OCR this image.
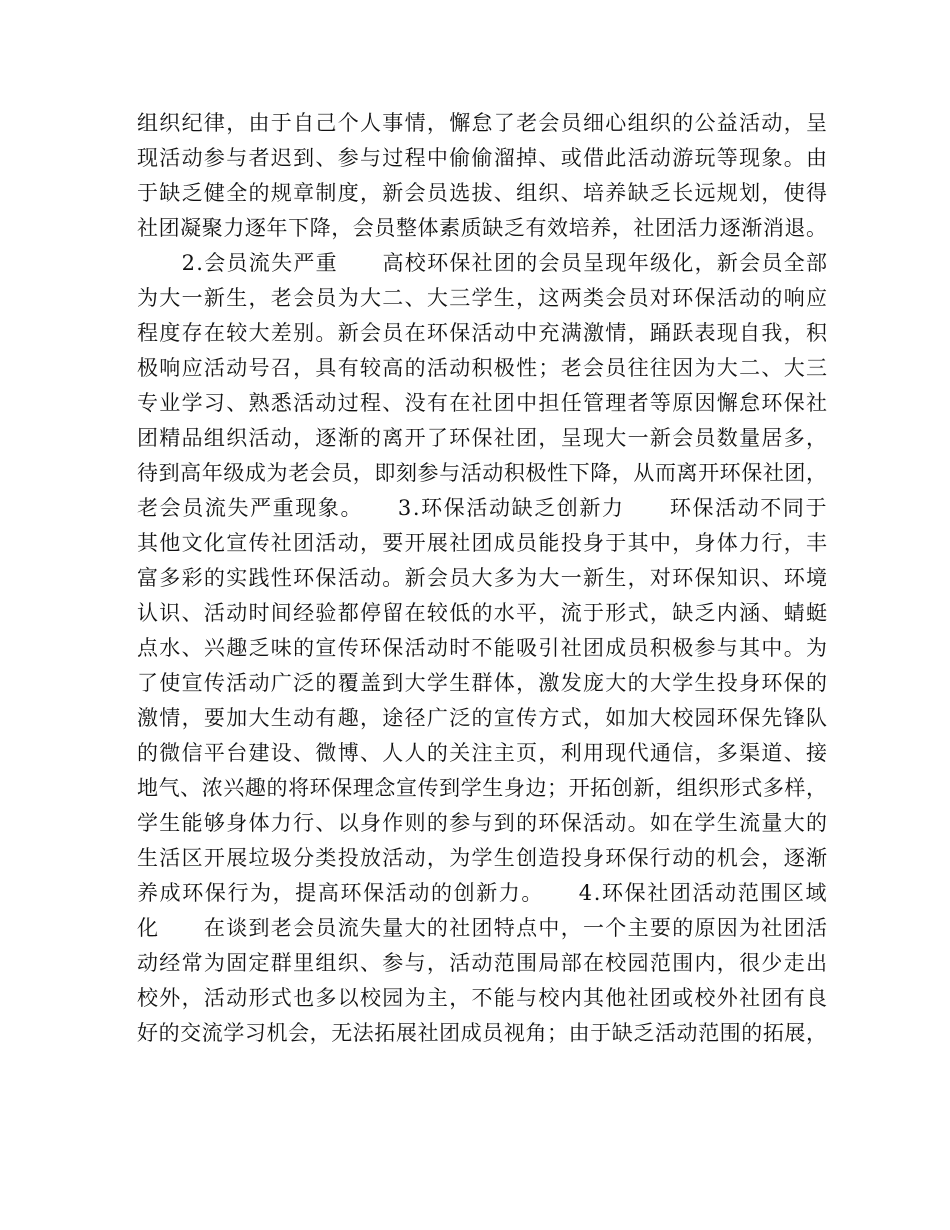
组织纪律，由于自己个人事情，懈怠了老会员细心组织的公益活动，呈
现活动参与者迟到、参与过程中偷偷溜掉、或借此活动游玩等现象。由
于缺乏健全的规章制度，新会员选拔、组织、培养缺乏长远规划，使得
社团凝聚力逐年下降，会员整体素质缺乏有效培养，社团活力逐渐消退。
　　2.会员流失严重　　高校环保社团的会员呈现年级化，新会员全部
为大一新生，老会员为大二、大三学生，这两类会员对环保活动的响应
程度存在较大差别。新会员在环保活动中充满激情，踊跃表现自我，积
极响应活动号召，具有较高的活动积极性；老会员往往因为大二、大三
专业学习、熟悉活动过程、没有在社团中担任管理者等原因懈怠环保社
团精品组织活动，逐渐的离开了环保社团，呈现大一新会员数量居多，
待到高年级成为老会员，即刻参与活动积极性下降，从而离开环保社团，
老会员流失严重现象。　　3.环保活动缺乏创新力　　环保活动不同于
其他文化宣传社团活动，要开展社团成员能投身于其中，身体力行，丰
富多彩的实践性环保活动。新会员大多为大一新生，对环保知识、环境
认识、活动时间经验都停留在较低的水平，流于形式，缺乏内涵、蜻蜓
点水、兴趣乏味的宣传环保活动时不能吸引社团成员积极参与其中。为
了使宣传活动广泛的覆盖到大学生群体，激发庞大的大学生投身环保的
激情，要加大生动有趣，途径广泛的宣传方式，如加大校园环保先锋队
的微信平台建设、微博、人人的关注主页，利用现代通信，多渠道、接
地气、浓兴趣的将环保理念宣传到学生身边；开拓创新，组织形式多样，
学生能够身体力行、以身作则的参与到的环保活动。如在学生流量大的
生活区开展垃圾分类投放活动，为学生创造投身环保行动的机会，逐渐
养成环保行为，提高环保活动的创新力。　　4.环保社团活动范围区域
化　　在谈到老会员流失量大的社团特点中，一个主要的原因为社团活
动经常为固定群里组织、参与，活动范围局部在校园范围内，很少走出
校外，活动形式也多以校园为主，不能与校内其他社团或校外社团有良
好的交流学习机会，无法拓展社团成员视角；由于缺乏活动范围的拓展，
